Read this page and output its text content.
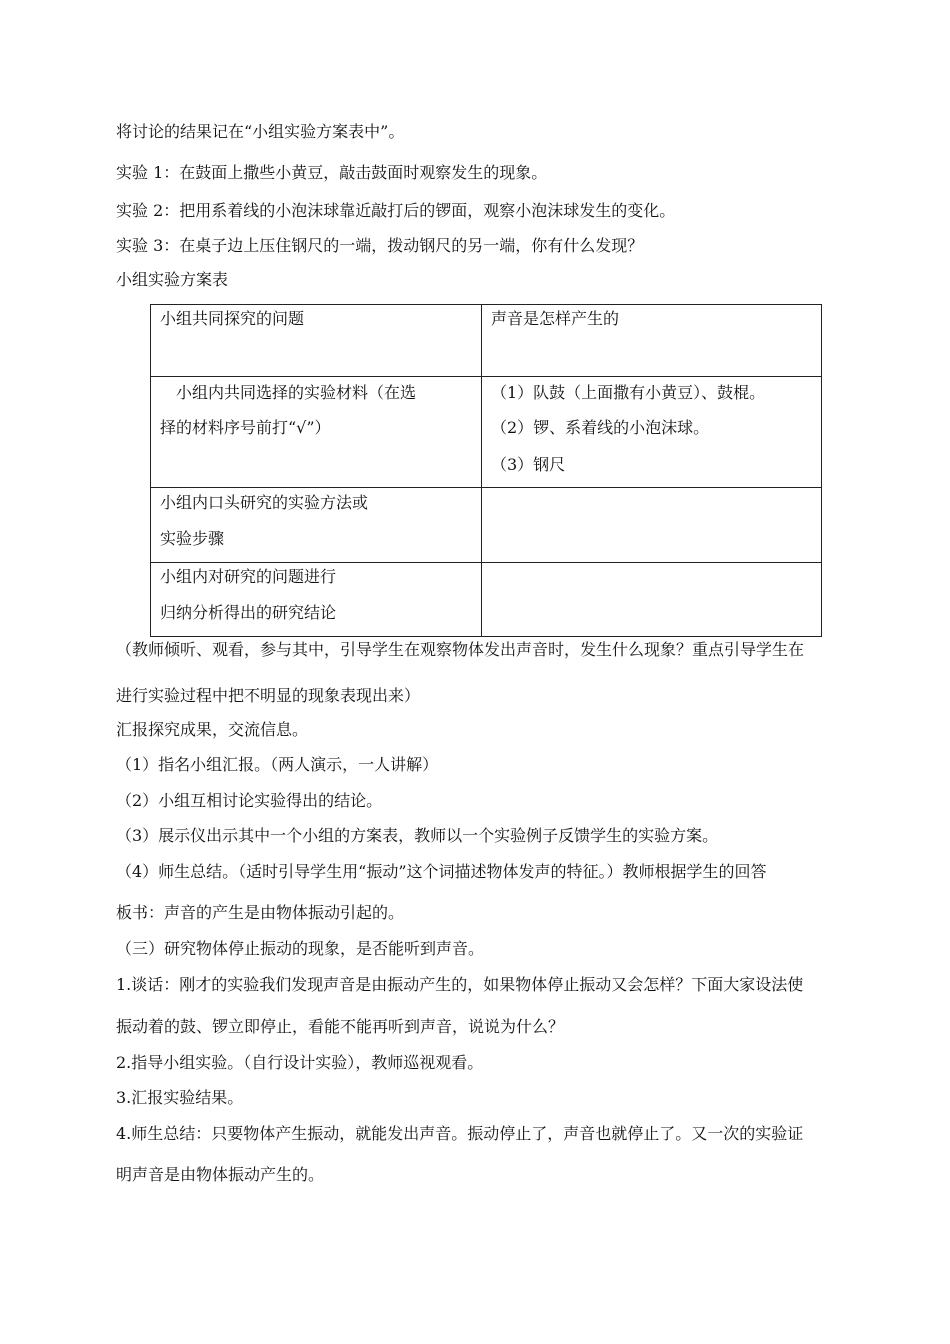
将讨论的结果记在“小组实验方案表中”。
实验 1：在鼓面上撒些小黄豆，敲击鼓面时观察发生的现象。
实验 2：把用系着线的小泡沫球靠近敲打后的锣面，观察小泡沫球发生的变化。
实验 3：在桌子边上压住钢尺的一端，拨动钢尺的另一端，你有什么发现？
小组实验方案表
小组共同探究的问题	声音是怎样产生的
　小组内共同选择的实验材料（在选
择的材料序号前打“√”）
（1）队鼓（上面撒有小黄豆）、鼓棍。
（2）锣、系着线的小泡沫球。
（3）钢尺
小组内口头研究的实验方法或
实验步骤
小组内对研究的问题进行
归纳分析得出的研究结论
（教师倾听、观看，参与其中，引导学生在观察物体发出声音时，发生什么现象？重点引导学生在
进行实验过程中把不明显的现象表现出来）
汇报探究成果，交流信息。
（1）指名小组汇报。（两人演示，一人讲解）
（2）小组互相讨论实验得出的结论。
（3）展示仪出示其中一个小组的方案表，教师以一个实验例子反馈学生的实验方案。
（4）师生总结。（适时引导学生用“振动”这个词描述物体发声的特征。）教师根据学生的回答
板书：声音的产生是由物体振动引起的。
（三）研究物体停止振动的现象，是否能听到声音。
1.谈话：刚才的实验我们发现声音是由振动产生的，如果物体停止振动又会怎样？下面大家设法使
振动着的鼓、锣立即停止，看能不能再听到声音，说说为什么？
2.指导小组实验。（自行设计实验），教师巡视观看。
3.汇报实验结果。
4.师生总结：只要物体产生振动，就能发出声音。振动停止了，声音也就停止了。又一次的实验证
明声音是由物体振动产生的。
